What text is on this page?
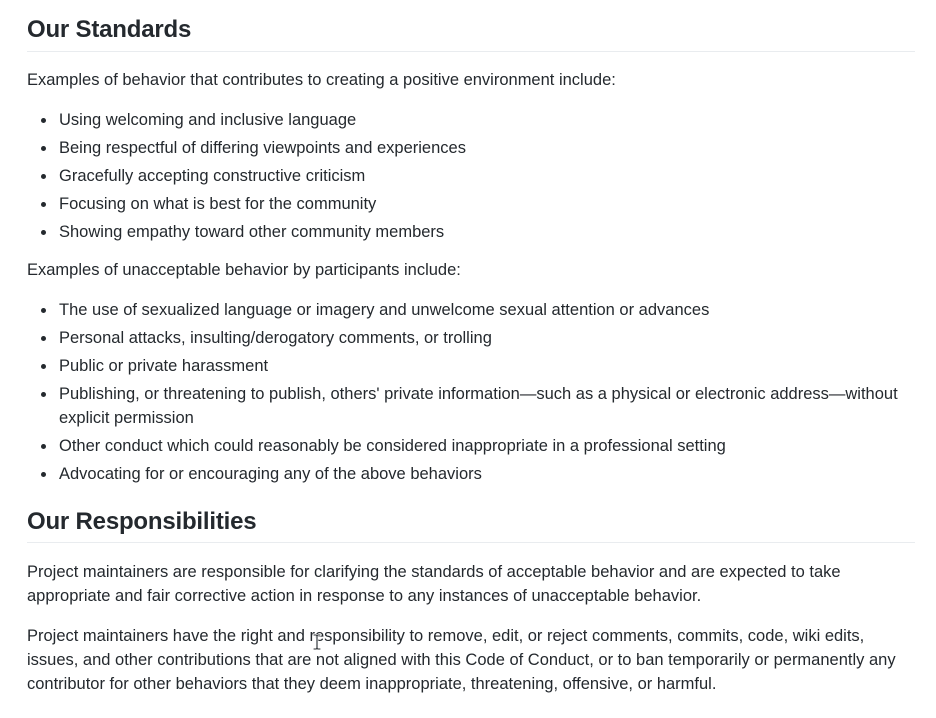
Our Standards

Examples of behavior that contributes to creating a positive environment include:

Using welcoming and inclusive language
Being respectful of differing viewpoints and experiences
Gracefully accepting constructive criticism
Focusing on what is best for the community
Showing empathy toward other community members

Examples of unacceptable behavior by participants include:

The use of sexualized language or imagery and unwelcome sexual attention or advances
Personal attacks, insulting/derogatory comments, or trolling
Public or private harassment
Publishing, or threatening to publish, others' private information—such as a physical or electronic address—without explicit permission
Other conduct which could reasonably be considered inappropriate in a professional setting
Advocating for or encouraging any of the above behaviors
Our Responsibilities

Project maintainers are responsible for clarifying the standards of acceptable behavior and are expected to take appropriate and fair corrective action in response to any instances of unacceptable behavior.

Project maintainers have the right and responsibility to remove, edit, or reject comments, commits, code, wiki edits, issues, and other contributions that are not aligned with this Code of Conduct, or to ban temporarily or permanently any contributor for other behaviors that they deem inappropriate, threatening, offensive, or harmful.
